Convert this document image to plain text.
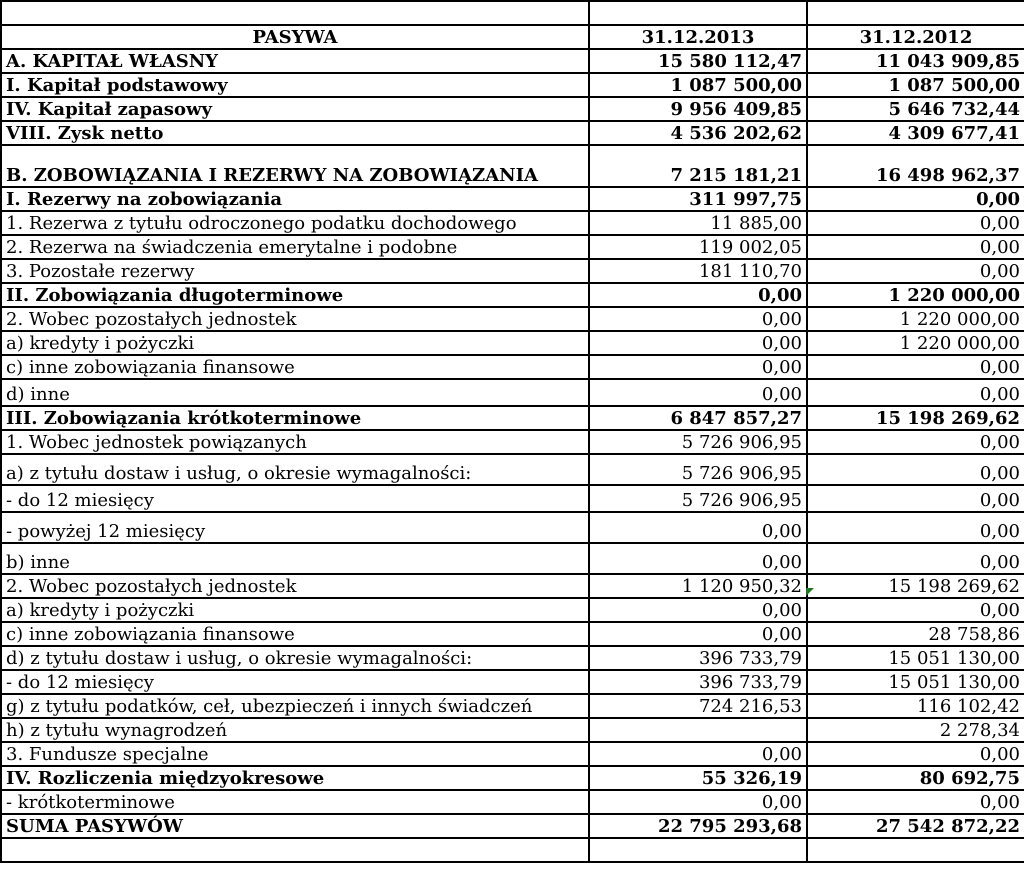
PASYWA	31.12.2013	31.12.2012
A. KAPITAŁ WŁASNY	15 580 112,47	11 043 909,85
I. Kapitał podstawowy	1 087 500,00	1 087 500,00
IV. Kapitał zapasowy	9 956 409,85	5 646 732,44
VIII. Zysk netto	4 536 202,62	4 309 677,41
B. ZOBOWIĄZANIA I REZERWY NA ZOBOWIĄZANIA	7 215 181,21	16 498 962,37
I. Rezerwy na zobowiązania	311 997,75	0,00
1. Rezerwa z tytułu odroczonego podatku dochodowego	11 885,00	0,00
2. Rezerwa na świadczenia emerytalne i podobne	119 002,05	0,00
3. Pozostałe rezerwy	181 110,70	0,00
II. Zobowiązania długoterminowe	0,00	1 220 000,00
2. Wobec pozostałych jednostek	0,00	1 220 000,00
a) kredyty i pożyczki	0,00	1 220 000,00
c) inne zobowiązania finansowe	0,00	0,00
d) inne	0,00	0,00
III. Zobowiązania krótkoterminowe	6 847 857,27	15 198 269,62
1. Wobec jednostek powiązanych	5 726 906,95	0,00
a) z tytułu dostaw i usług, o okresie wymagalności:	5 726 906,95	0,00
- do 12 miesięcy	5 726 906,95	0,00
- powyżej 12 miesięcy	0,00	0,00
b) inne	0,00	0,00
2. Wobec pozostałych jednostek	1 120 950,32	15 198 269,62
a) kredyty i pożyczki	0,00	0,00
c) inne zobowiązania finansowe	0,00	28 758,86
d) z tytułu dostaw i usług, o okresie wymagalności:	396 733,79	15 051 130,00
- do 12 miesięcy	396 733,79	15 051 130,00
g) z tytułu podatków, ceł, ubezpieczeń i innych świadczeń	724 216,53	116 102,42
h) z tytułu wynagrodzeń		2 278,34
3. Fundusze specjalne	0,00	0,00
IV. Rozliczenia międzyokresowe	55 326,19	80 692,75
- krótkoterminowe	0,00	0,00
SUMA PASYWÓW	22 795 293,68	27 542 872,22
